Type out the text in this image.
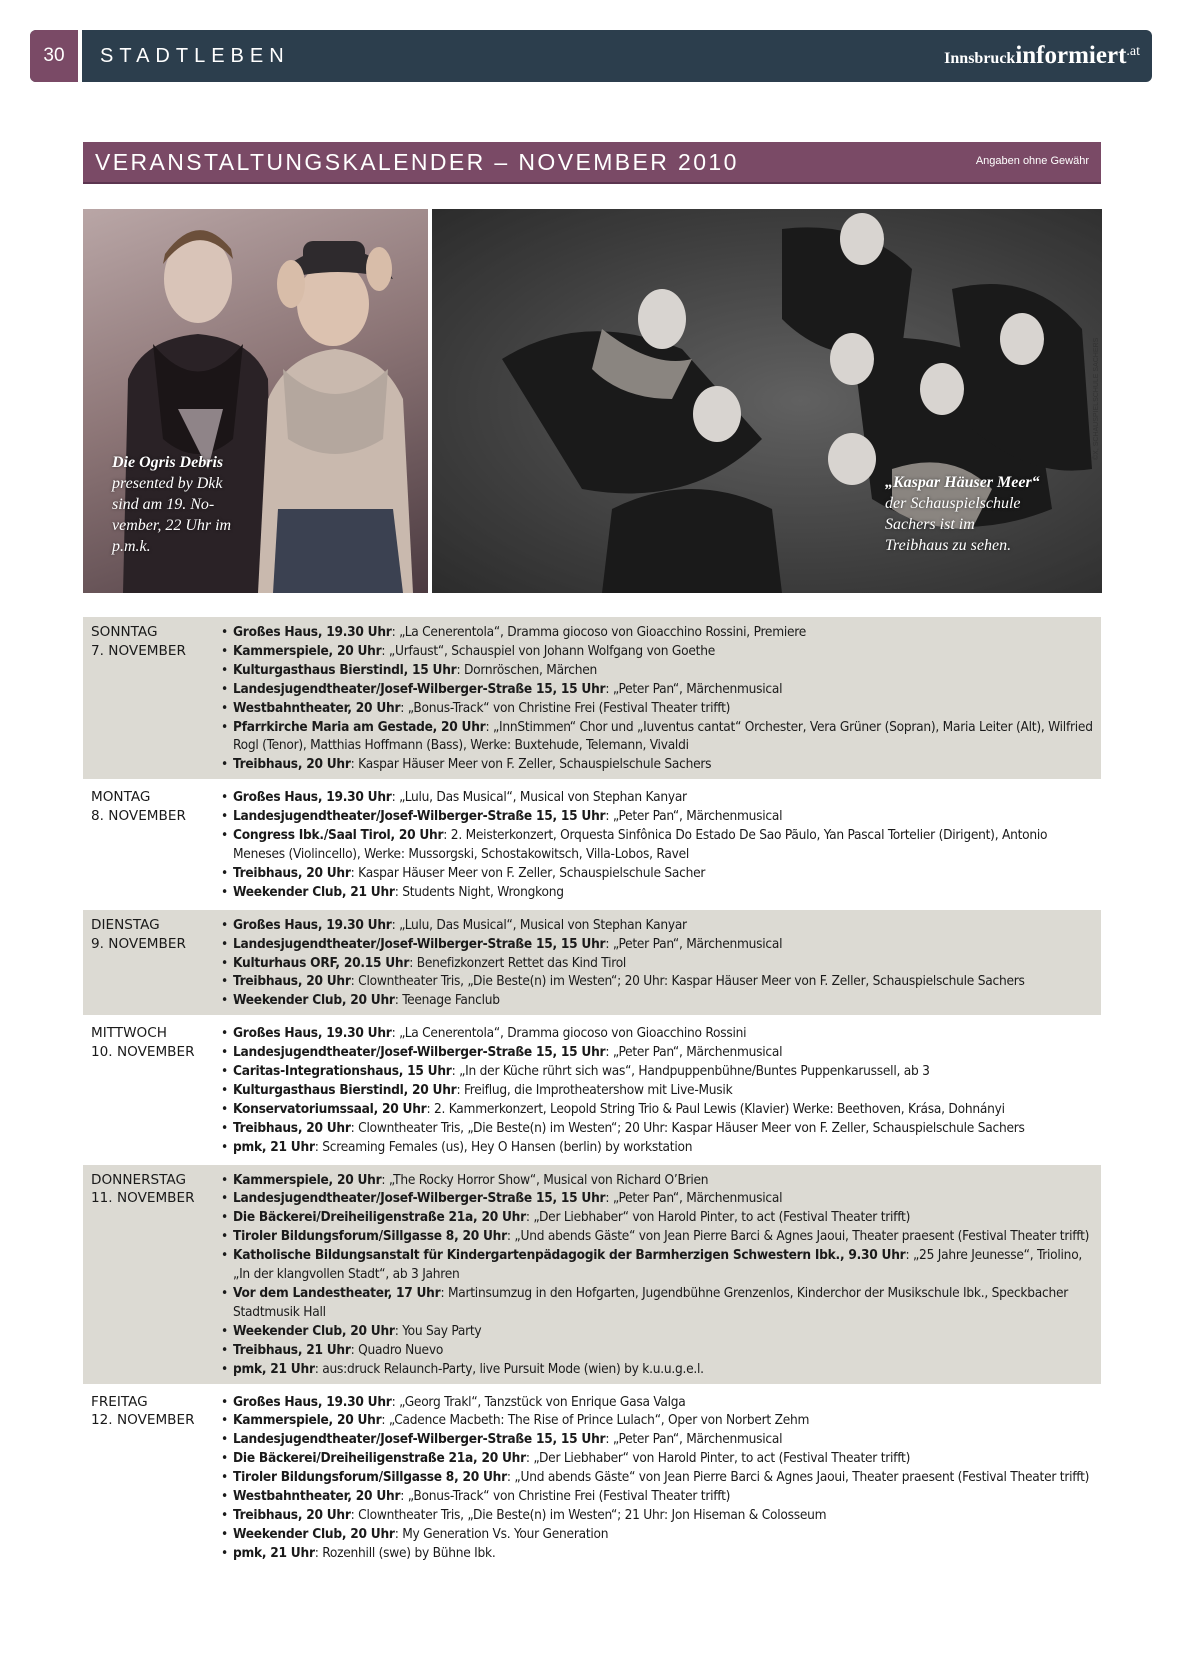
30	STADTLEBEN	Innsbruckinformiert.at
VERANSTALTUNGSKALENDER – NOVEMBER 2010	Angaben ohne Gewähr
Die Ogris Debris
presented by Dkk
sind am 19. No-
vember, 22 Uhr im
p.m.k.
„Kaspar Häuser Meer“
der Schauspielschule
Sachers ist im
Treibhaus zu sehen.
©X, SCHAUSPIELSCHULE SACHERS
SONNTAG
7. NOVEMBER
• Großes Haus, 19.30 Uhr: „La Cenerentola“, Dramma giocoso von Gioacchino Rossini, Premiere
• Kammerspiele, 20 Uhr: „Urfaust“, Schauspiel von Johann Wolfgang von Goethe
• Kulturgasthaus Bierstindl, 15 Uhr: Dornröschen, Märchen
• Landesjugendtheater/Josef-Wilberger-Straße 15, 15 Uhr: „Peter Pan“, Märchenmusical
• Westbahntheater, 20 Uhr: „Bonus-Track“ von Christine Frei (Festival Theater trifft)
• Pfarrkirche Maria am Gestade, 20 Uhr: „InnStimmen“ Chor und „Iuventus cantat“ Orchester, Vera Grüner (Sopran), Maria Leiter (Alt), Wilfried Rogl (Tenor), Matthias Hoffmann (Bass), Werke: Buxtehude, Telemann, Vivaldi
• Treibhaus, 20 Uhr: Kaspar Häuser Meer von F. Zeller, Schauspielschule Sachers
MONTAG
8. NOVEMBER
• Großes Haus, 19.30 Uhr: „Lulu, Das Musical“, Musical von Stephan Kanyar
• Landesjugendtheater/Josef-Wilberger-Straße 15, 15 Uhr: „Peter Pan“, Märchenmusical
• Congress Ibk./Saal Tirol, 20 Uhr: 2. Meisterkonzert, Orquesta Sinfônica Do Estado De Sao Pãulo, Yan Pascal Tortelier (Dirigent), Antonio Meneses (Violincello), Werke: Mussorgski, Schostakowitsch, Villa-Lobos, Ravel
• Treibhaus, 20 Uhr: Kaspar Häuser Meer von F. Zeller, Schauspielschule Sacher
• Weekender Club, 21 Uhr: Students Night, Wrongkong
DIENSTAG
9. NOVEMBER
• Großes Haus, 19.30 Uhr: „Lulu, Das Musical“, Musical von Stephan Kanyar
• Landesjugendtheater/Josef-Wilberger-Straße 15, 15 Uhr: „Peter Pan“, Märchenmusical
• Kulturhaus ORF, 20.15 Uhr: Benefizkonzert Rettet das Kind Tirol
• Treibhaus, 20 Uhr: Clowntheater Tris, „Die Beste(n) im Westen“; 20 Uhr: Kaspar Häuser Meer von F. Zeller, Schauspielschule Sachers
• Weekender Club, 20 Uhr: Teenage Fanclub
MITTWOCH
10. NOVEMBER
• Großes Haus, 19.30 Uhr: „La Cenerentola“, Dramma giocoso von Gioacchino Rossini
• Landesjugendtheater/Josef-Wilberger-Straße 15, 15 Uhr: „Peter Pan“, Märchenmusical
• Caritas-Integrationshaus, 15 Uhr: „In der Küche rührt sich was“, Handpuppenbühne/Buntes Puppenkarussell, ab 3
• Kulturgasthaus Bierstindl, 20 Uhr: Freiflug, die Improtheatershow mit Live-Musik
• Konservatoriumssaal, 20 Uhr: 2. Kammerkonzert, Leopold String Trio & Paul Lewis (Klavier) Werke: Beethoven, Krása, Dohnányi
• Treibhaus, 20 Uhr: Clowntheater Tris, „Die Beste(n) im Westen“; 20 Uhr: Kaspar Häuser Meer von F. Zeller, Schauspielschule Sachers
• pmk, 21 Uhr: Screaming Females (us), Hey O Hansen (berlin) by workstation
DONNERSTAG
11. NOVEMBER
• Kammerspiele, 20 Uhr: „The Rocky Horror Show“, Musical von Richard O’Brien
• Landesjugendtheater/Josef-Wilberger-Straße 15, 15 Uhr: „Peter Pan“, Märchenmusical
• Die Bäckerei/Dreiheiligenstraße 21a, 20 Uhr: „Der Liebhaber“ von Harold Pinter, to act (Festival Theater trifft)
• Tiroler Bildungsforum/Sillgasse 8, 20 Uhr: „Und abends Gäste“ von Jean Pierre Barci & Agnes Jaoui, Theater praesent (Festival Theater trifft)
• Katholische Bildungsanstalt für Kindergartenpädagogik der Barmherzigen Schwestern Ibk., 9.30 Uhr: „25 Jahre Jeunesse“, Triolino, „In der klangvollen Stadt“, ab 3 Jahren
• Vor dem Landestheater, 17 Uhr: Martinsumzug in den Hofgarten, Jugendbühne Grenzenlos, Kinderchor der Musikschule Ibk., Speckbacher Stadtmusik Hall
• Weekender Club, 20 Uhr: You Say Party
• Treibhaus, 21 Uhr: Quadro Nuevo
• pmk, 21 Uhr: aus:druck Relaunch-Party, live Pursuit Mode (wien) by k.u.u.g.e.l.
FREITAG
12. NOVEMBER
• Großes Haus, 19.30 Uhr: „Georg Trakl“, Tanzstück von Enrique Gasa Valga
• Kammerspiele, 20 Uhr: „Cadence Macbeth: The Rise of Prince Lulach“, Oper von Norbert Zehm
• Landesjugendtheater/Josef-Wilberger-Straße 15, 15 Uhr: „Peter Pan“, Märchenmusical
• Die Bäckerei/Dreiheiligenstraße 21a, 20 Uhr: „Der Liebhaber“ von Harold Pinter, to act (Festival Theater trifft)
• Tiroler Bildungsforum/Sillgasse 8, 20 Uhr: „Und abends Gäste“ von Jean Pierre Barci & Agnes Jaoui, Theater praesent (Festival Theater trifft)
• Westbahntheater, 20 Uhr: „Bonus-Track“ von Christine Frei (Festival Theater trifft)
• Treibhaus, 20 Uhr: Clowntheater Tris, „Die Beste(n) im Westen“; 21 Uhr: Jon Hiseman & Colosseum
• Weekender Club, 20 Uhr: My Generation Vs. Your Generation
• pmk, 21 Uhr: Rozenhill (swe) by Bühne Ibk.
